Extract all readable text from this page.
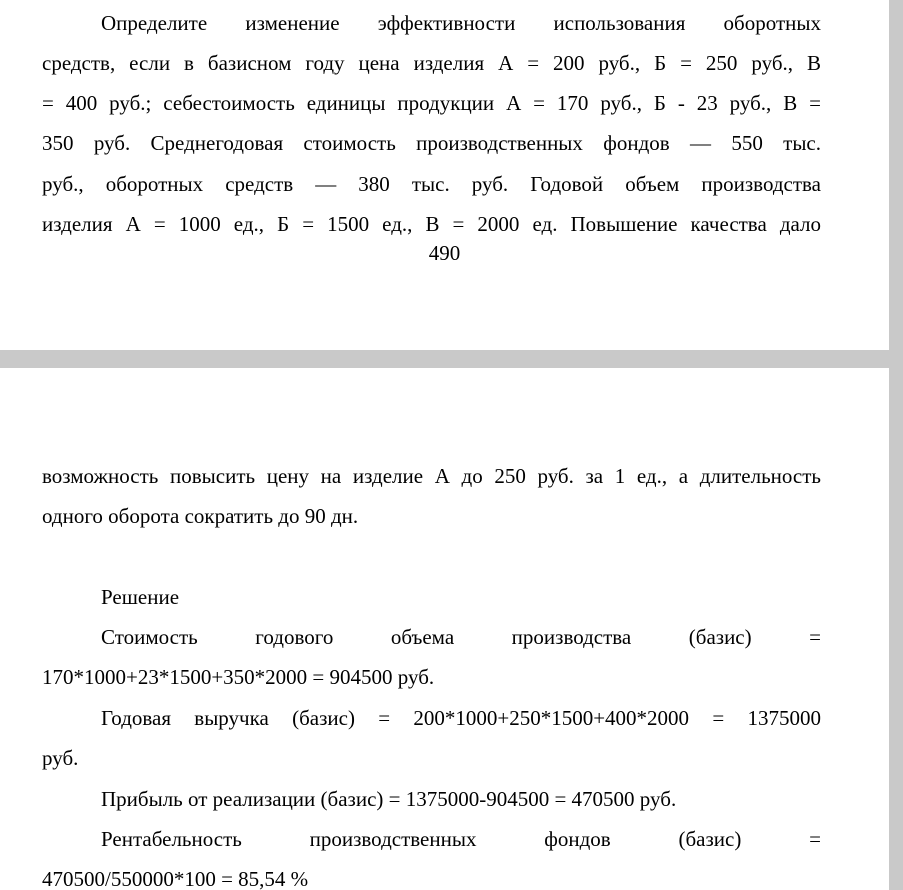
Определите изменение эффективности использования оборотных
средств, если в базисном году цена изделия А = 200 руб., Б = 250 руб., В
= 400 руб.; себестоимость единицы продукции А = 170 руб., Б - 23 руб., В =
350 руб. Среднегодовая стоимость производственных фондов — 550 тыс.
руб., оборотных средств — 380 тыс. руб. Годовой объем производства
изделия А = 1000 ед., Б = 1500 ед., В = 2000 ед. Повышение качества дало
490
возможность повысить цену на изделие А до 250 руб. за 1 ед., а длительность
одного оборота сократить до 90 дн.
Решение
Стоимость годового объема производства (базис) =
170*1000+23*1500+350*2000 = 904500 руб.
Годовая выручка (базис) = 200*1000+250*1500+400*2000 = 1375000
руб.
Прибыль от реализации (базис) = 1375000-904500 = 470500 руб.
Рентабельность производственных фондов (базис) =
470500/550000*100 = 85,54 %
